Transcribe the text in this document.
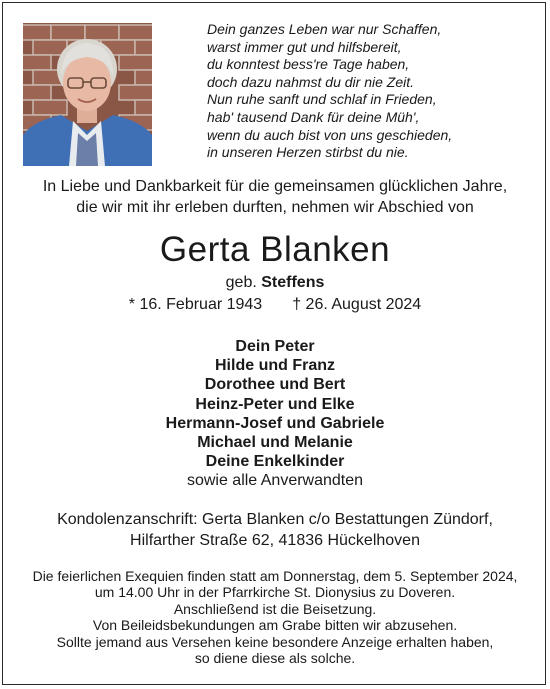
Dein ganzes Leben war nur Schaffen,
warst immer gut und hilfsbereit,
du konntest bess're Tage haben,
doch dazu nahmst du dir nie Zeit.
Nun ruhe sanft und schlaf in Frieden,
hab' tausend Dank für deine Müh',
wenn du auch bist von uns geschieden,
in unseren Herzen stirbst du nie.
In Liebe und Dankbarkeit für die gemeinsamen glücklichen Jahre,
die wir mit ihr erleben durften, nehmen wir Abschied von
Gerta Blanken
geb. Steffens
* 16. Februar 1943 † 26. August 2024
Dein Peter
Hilde und Franz
Dorothee und Bert
Heinz-Peter und Elke
Hermann-Josef und Gabriele
Michael und Melanie
Deine Enkelkinder
sowie alle Anverwandten
Kondolenzanschrift: Gerta Blanken c/o Bestattungen Zündorf,
Hilfarther Straße 62, 41836 Hückelhoven
Die feierlichen Exequien finden statt am Donnerstag, dem 5. September 2024,
um 14.00 Uhr in der Pfarrkirche St. Dionysius zu Doveren.
Anschließend ist die Beisetzung.
Von Beileidsbekundungen am Grabe bitten wir abzusehen.
Sollte jemand aus Versehen keine besondere Anzeige erhalten haben,
so diene diese als solche.
